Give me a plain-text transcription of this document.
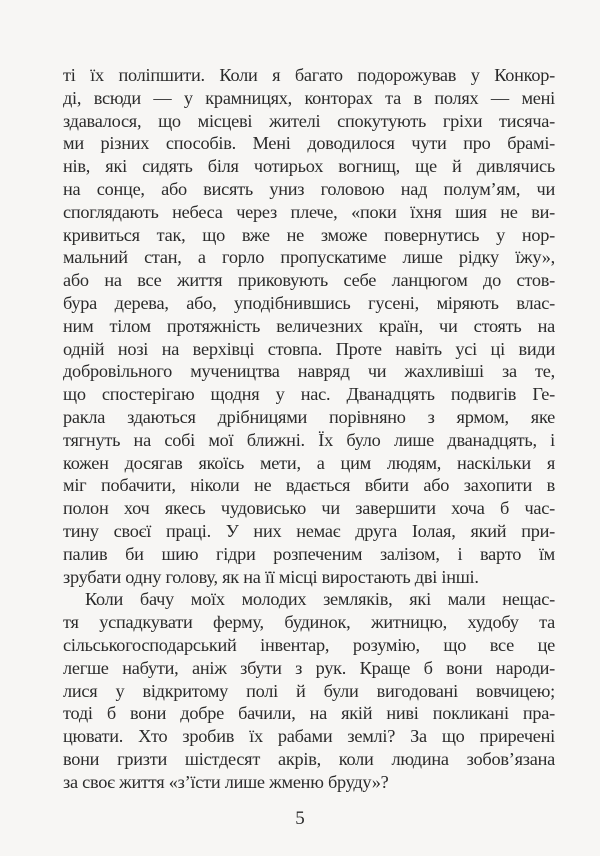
ті їх поліпшити. Коли я багато подорожував у Конкор-
ді, всюди — у крамницях, конторах та в полях — мені
здавалося, що місцеві жителі спокутують гріхи тисяча-
ми різних способів. Мені доводилося чути про брамі-
нів, які сидять біля чотирьох вогнищ, ще й дивлячись
на сонце, або висять униз головою над полум’ям, чи
споглядають небеса через плече, «поки їхня шия не ви-
кривиться так, що вже не зможе повернутись у нор-
мальний стан, а горло пропускатиме лише рідку їжу»,
або на все життя приковують себе ланцюгом до стов-
бура дерева, або, уподібнившись гусені, міряють влас-
ним тілом протяжність величезних країн, чи стоять на
одній нозі на верхівці стовпа. Проте навіть усі ці види
добровільного мучеництва навряд чи жахливіші за те,
що спостерігаю щодня у нас. Дванадцять подвигів Ге-
ракла здаються дрібницями порівняно з ярмом, яке
тягнуть на собі мої ближні. Їх було лише дванадцять, і
кожен досягав якоїсь мети, а цим людям, наскільки я
міг побачити, ніколи не вдається вбити або захопити в
полон хоч якесь чудовисько чи завершити хоча б час-
тину своєї праці. У них немає друга Іолая, який при-
палив би шию гідри розпеченим залізом, і варто їм
зрубати одну голову, як на її місці виростають дві інші.
Коли бачу моїх молодих земляків, які мали нещас-
тя успадкувати ферму, будинок, житницю, худобу та
сільськогосподарський інвентар, розумію, що все це
легше набути, аніж збути з рук. Краще б вони народи-
лися у відкритому полі й були вигодовані вовчицею;
тоді б вони добре бачили, на якій ниві покликані пра-
цювати. Хто зробив їх рабами землі? За що приречені
вони гризти шістдесят акрів, коли людина зобов’язана
за своє життя «з’їсти лише жменю бруду»?
5
